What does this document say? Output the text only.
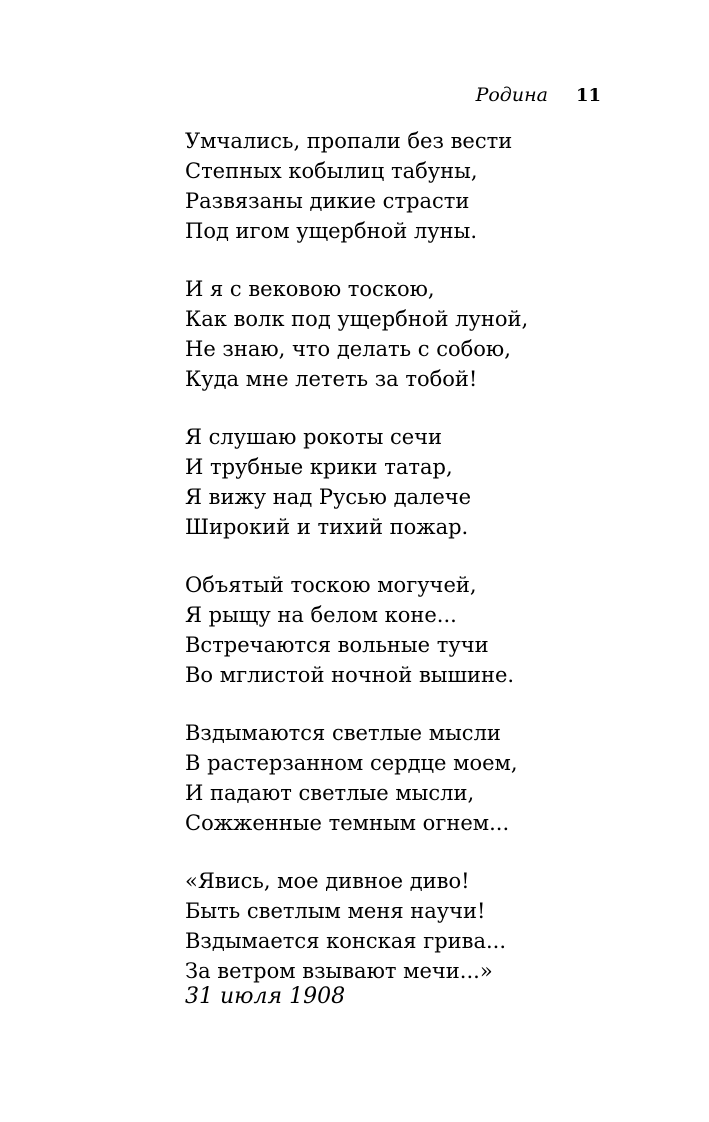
Родина 11
Умчались, пропали без вести
Степных кобылиц табуны,
Развязаны дикие страсти
Под игом ущербной луны.
И я с вековою тоскою,
Как волк под ущербной луной,
Не знаю, что делать с собою,
Куда мне лететь за тобой!
Я слушаю рокоты сечи
И трубные крики татар,
Я вижу над Русью далече
Широкий и тихий пожар.
Объятый тоскою могучей,
Я рыщу на белом коне...
Встречаются вольные тучи
Во мглистой ночной вышине.
Вздымаются светлые мысли
В растерзанном сердце моем,
И падают светлые мысли,
Сожженные темным огнем...
«Явись, мое дивное диво!
Быть светлым меня научи!
Вздымается конская грива...
За ветром взывают мечи...»
31 июля 1908
